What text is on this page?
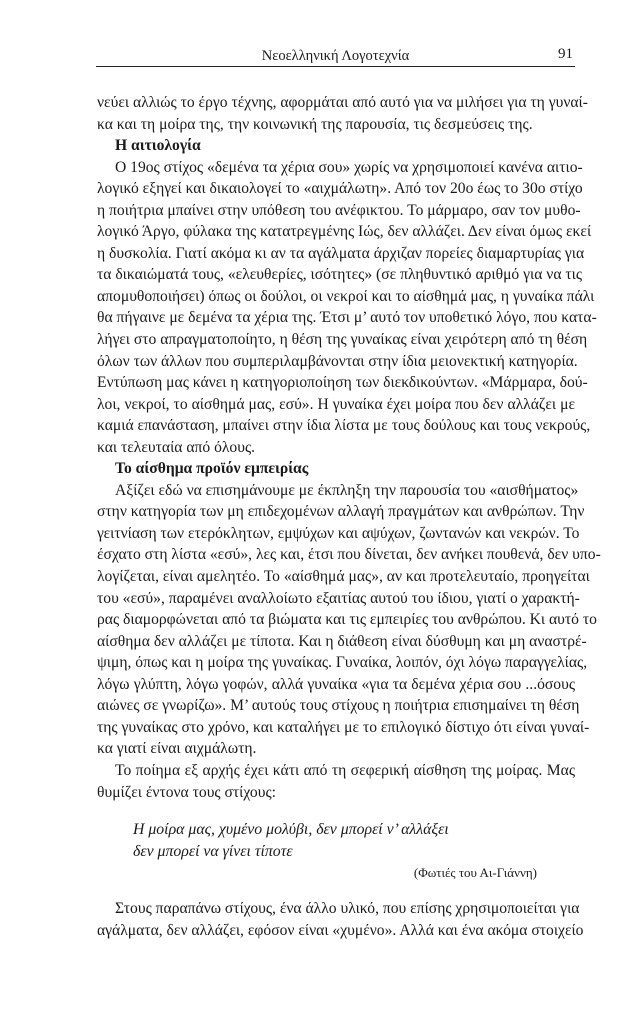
Νεοελληνική Λογοτεχνία	91
νεύει αλλιώς το έργο τέχνης, αφορμάται από αυτό για να μιλήσει για τη γυναί-
κα και τη μοίρα της, την κοινωνική της παρουσία, τις δεσμεύσεις της.
Η αιτιολογία
Ο 19ος στίχος «δεμένα τα χέρια σου» χωρίς να χρησιμοποιεί κανένα αιτιο-
λογικό εξηγεί και δικαιολογεί το «αιχμάλωτη». Από τον 20ο έως το 30ο στίχο
η ποιήτρια μπαίνει στην υπόθεση του ανέφικτου. Το μάρμαρο, σαν τον μυθο-
λογικό Άργο, φύλακα της κατατρεγμένης Ιώς, δεν αλλάζει. Δεν είναι όμως εκεί
η δυσκολία. Γιατί ακόμα κι αν τα αγάλματα άρχιζαν πορείες διαμαρτυρίας για
τα δικαιώματά τους, «ελευθερίες, ισότητες» (σε πληθυντικό αριθμό για να τις
απομυθοποιήσει) όπως οι δούλοι, οι νεκροί και το αίσθημά μας, η γυναίκα πάλι
θα πήγαινε με δεμένα τα χέρια της. Έτσι μ’ αυτό τον υποθετικό λόγο, που κατα-
λήγει στο απραγματοποίητο, η θέση της γυναίκας είναι χειρότερη από τη θέση
όλων των άλλων που συμπεριλαμβάνονται στην ίδια μειονεκτική κατηγορία.
Εντύπωση μας κάνει η κατηγοριοποίηση των διεκδικούντων. «Μάρμαρα, δού-
λοι, νεκροί, το αίσθημά μας, εσύ». Η γυναίκα έχει μοίρα που δεν αλλάζει με
καμιά επανάσταση, μπαίνει στην ίδια λίστα με τους δούλους και τους νεκρούς,
και τελευταία από όλους.
Το αίσθημα προϊόν εμπειρίας
Αξίζει εδώ να επισημάνουμε με έκπληξη την παρουσία του «αισθήματος»
στην κατηγορία των μη επιδεχομένων αλλαγή πραγμάτων και ανθρώπων. Την
γειτνίαση των ετερόκλητων, εμψύχων και αψύχων, ζωντανών και νεκρών. Το
έσχατο στη λίστα «εσύ», λες και, έτσι που δίνεται, δεν ανήκει πουθενά, δεν υπο-
λογίζεται, είναι αμελητέο. Το «αίσθημά μας», αν και προτελευταίο, προηγείται
του «εσύ», παραμένει αναλλοίωτο εξαιτίας αυτού του ίδιου, γιατί ο χαρακτή-
ρας διαμορφώνεται από τα βιώματα και τις εμπειρίες του ανθρώπου. Κι αυτό το
αίσθημα δεν αλλάζει με τίποτα. Και η διάθεση είναι δύσθυμη και μη αναστρέ-
ψιμη, όπως και η μοίρα της γυναίκας. Γυναίκα, λοιπόν, όχι λόγω παραγγελίας,
λόγω γλύπτη, λόγω γοφών, αλλά γυναίκα «για τα δεμένα χέρια σου ...όσους
αιώνες σε γνωρίζω». Μ’ αυτούς τους στίχους η ποιήτρια επισημαίνει τη θέση
της γυναίκας στο χρόνο, και καταλήγει με το επιλογικό δίστιχο ότι είναι γυναί-
κα γιατί είναι αιχμάλωτη.
Το ποίημα εξ αρχής έχει κάτι από τη σεφερική αίσθηση της μοίρας. Μας
θυμίζει έντονα τους στίχους:
Η μοίρα μας, χυμένο μολύβι, δεν μπορεί ν’ αλλάξει
δεν μπορεί να γίνει τίποτε
(Φωτιές του Αι-Γιάννη)
Στους παραπάνω στίχους, ένα άλλο υλικό, που επίσης χρησιμοποιείται για
αγάλματα, δεν αλλάζει, εφόσον είναι «χυμένο». Αλλά και ένα ακόμα στοιχείο
